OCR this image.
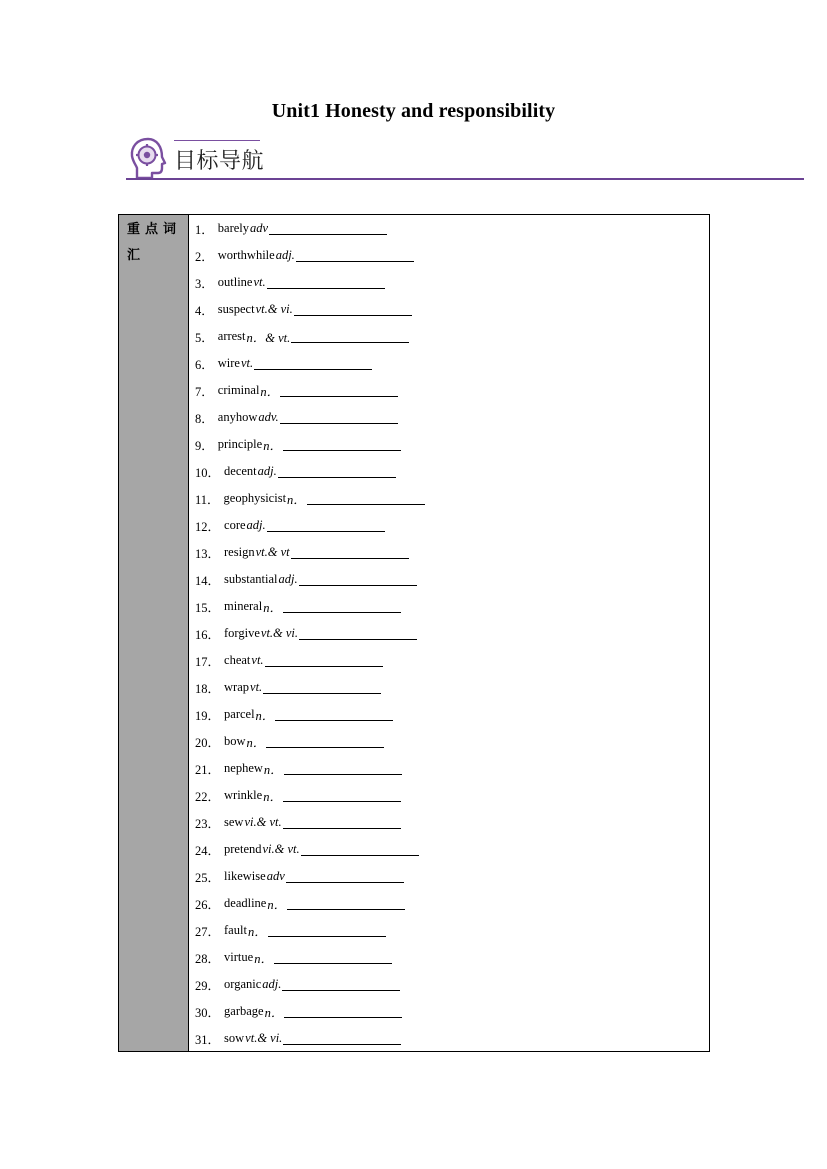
Unit1 Honesty and responsibility
目标导航
重点词汇
1． barely adv
2． worthwhile adj.
3． outline vt.
4． suspect vt.& vi.
5． arrest n．& vt.
6． wire vt.
7． criminal n．
8． anyhow adv.
9． principle n．
10． decent adj.
11． geophysicist n．
12． core adj.
13． resign vt.& vt
14． substantial adj.
15． mineral n．
16． forgive vt.& vi.
17． cheat vt.
18． wrap vt.
19． parcel n．
20． bow n．
21． nephew n．
22． wrinkle n．
23． sew vi.& vt.
24． pretend vi.& vt.
25． likewise adv
26． deadline n．
27． fault n．
28． virtue n．
29． organic adj.
30． garbage n．
31． sow vt.& vi.
